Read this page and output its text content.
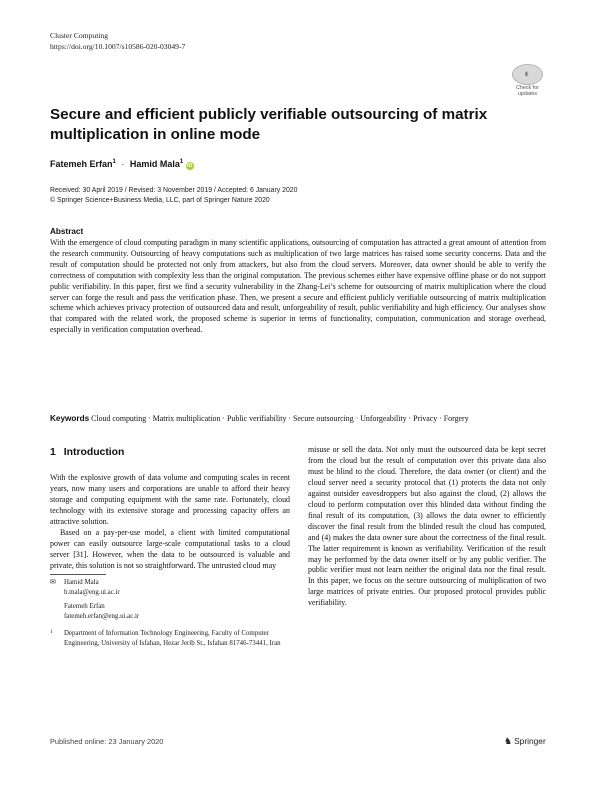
Cluster Computing
https://doi.org/10.1007/s10586-020-03049-7
◐
Check for
updates
Secure and efficient publicly verifiable outsourcing of matrix multiplication in online mode
Fatemeh Erfan$^1$ · Hamid Mala$^1$ iD
Received: 30 April 2019 / Revised: 3 November 2019 / Accepted: 6 January 2020
© Springer Science+Business Media, LLC, part of Springer Nature 2020
Abstract
With the emergence of cloud computing paradigm in many scientific applications, outsourcing of computation has attracted a great amount of attention from the research community. Outsourcing of heavy computations such as multiplication of two large matrices has raised some security concerns. Data and the result of computation should be protected not only from attackers, but also from the cloud servers. Moreover, data owner should be able to verify the correctness of computation with complexity less than the original computation. The previous schemes either have expensive offline phase or do not support public verifiability. In this paper, first we find a security vulnerability in the Zhang-Lei’s scheme for outsourcing of matrix multiplication where the cloud server can forge the result and pass the verification phase. Then, we present a secure and efficient publicly verifiable outsourcing of matrix multiplication scheme which achieves privacy protection of outsourced data and result, unforgeability of result, public verifiability and high efficiency. Our analyses show that compared with the related work, the proposed scheme is superior in terms of functionality, computation, communication and storage overhead, especially in verification computation overhead.
Keywords Cloud computing · Matrix multiplication · Public verifiability · Secure outsourcing · Unforgeability · Privacy · Forgery
1 Introduction

With the explosive growth of data volume and computing scales in recent years, now many users and corporations are unable to afford their heavy storage and computing equipment with the same rate. Fortunately, cloud technology with its extensive storage and processing capacity offers an attractive solution.

Based on a pay-per-use model, a client with limited computational power can easily outsource large-scale computational tasks to a cloud server [31]. However, when the data to be outsourced is valuable and private, this solution is not so straightforward. The untrusted cloud may

misuse or sell the data. Not only must the outsourced data be kept secret from the cloud but the result of computation over this private data also must be blind to the cloud. Therefore, the data owner (or client) and the cloud server need a security protocol that (1) protects the data not only against outsider eavesdroppers but also against the cloud, (2) allows the cloud to perform computation over this blinded data without finding the final result of its computation, (3) allows the data owner to efficiently discover the final result from the blinded result the cloud has computed, and (4) makes the data owner sure about the correctness of the final result. The latter requirement is known as verifiability. Verification of the result may be performed by the data owner itself or by any public verifier. The public verifier must not learn neither the original data nor the final result. In this paper, we focus on the secure outsourcing of multiplication of two large matrices of private entries. Our proposed protocol provides public verifiability.

✉	Hamid Mala
h.mala@eng.ui.ac.ir
Fatemeh Erfan
fatemeh.erfan@eng.ui.ac.ir
1	Department of Information Technology Engineering, Faculty of Computer Engineering, University of Isfahan, Hezar Jerib St., Isfahan 81746-73441, Iran
Published online: 23 January 2020	♞ Springer
